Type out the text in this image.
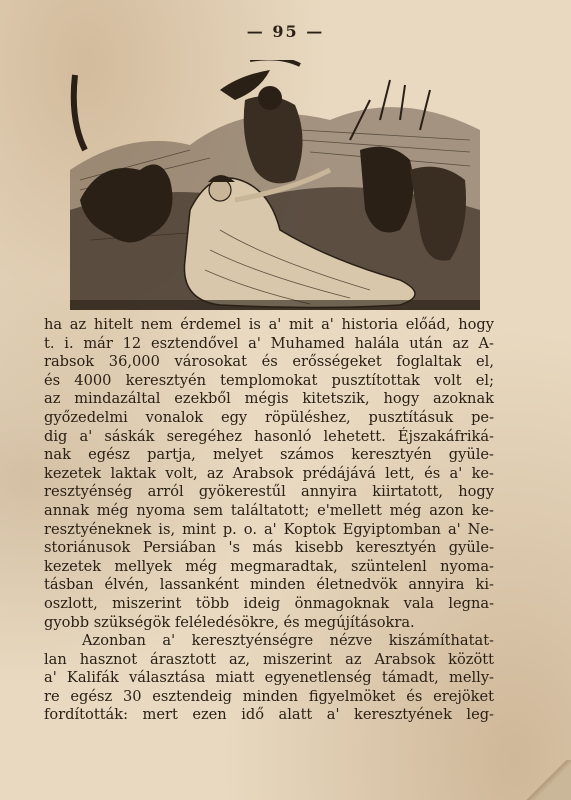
— 95 —
ha az hitelt nem érdemel is a' mit a' historia előád, hogy
t. i. már 12 esztendővel a' Muhamed halála után az A-
rabsok 36,000 városokat és erősségeket foglaltak el,
és 4000 keresztyén templomokat pusztítottak volt el;
az mindazáltal ezekből mégis kitetszik, hogy azoknak
győzedelmi vonalok egy röpüléshez, pusztításuk pe-
dig a' sáskák seregéhez hasonló lehetett. Éjszakáfriká-
nak egész partja, melyet számos keresztyén gyüle-
kezetek laktak volt, az Arabsok prédájává lett, és a' ke-
resztyénség arról gyökerestűl annyira kiirtatott, hogy
annak még nyoma sem találtatott; e'mellett még azon ke-
resztyéneknek is, mint p. o. a' Koptok Egyiptomban a' Ne-
storiánusok Persiában 's más kisebb keresztyén gyüle-
kezetek mellyek még megmaradtak, szüntelenl nyoma-
tásban élvén, lassanként minden életnedvök annyira ki-
oszlott, miszerint több ideig önmagoknak vala legna-
gyobb szükségök feléledésökre, és megújításokra.
Azonban a' keresztyénségre nézve kiszámíthatat-
lan hasznot árasztott az, miszerint az Arabsok között
a' Kalifák választása miatt egyenetlenség támadt, melly-
re egész 30 esztendeig minden figyelmöket és erejöket
fordították: mert ezen idő alatt a' keresztyének leg-
